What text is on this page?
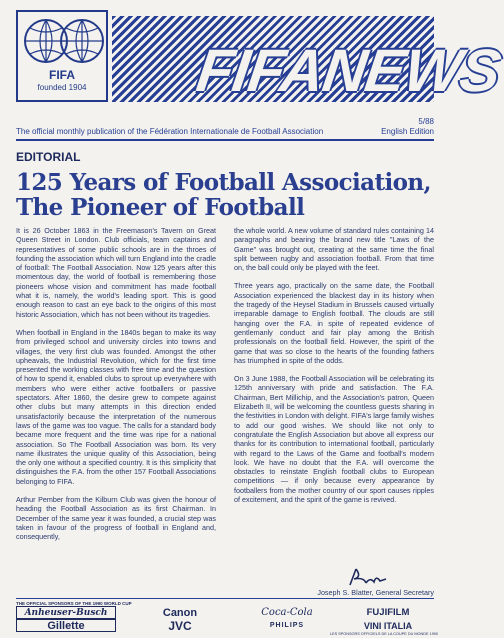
FIFA
founded 1904	FIFANEWS
5/88
The official monthly publication of the Fédération Internationale de Football Association	English Edition
EDITORIAL
125 Years of Football Association,
The Pioneer of Football

It is 26 October 1863 in the Freemason's Tavern on Great Queen Street in London. Club officials, team captains and representatives of some public schools are in the throes of founding the association which will turn England into the cradle of football: The Football Association. Now 125 years after this momentous day, the world of football is remembering those pioneers whose vision and commitment has made football what it is, namely, the world's leading sport. This is good enough reason to cast an eye back to the origins of this most historic Association, which has not been without its tragedies.

When football in England in the 1840s began to make its way from privileged school and university circles into towns and villages, the very first club was founded. Amongst the other upheavals, the Industrial Revolution, which for the first time presented the working classes with free time and the question of how to spend it, enabled clubs to sprout up everywhere with members who were either active footballers or passive spectators. After 1860, the desire grew to compete against other clubs but many attempts in this direction ended unsatisfactorily because the interpretation of the numerous laws of the game was too vague. The calls for a standard body became more frequent and the time was ripe for a national association. So The Football Association was born. Its very name illustrates the unique quality of this Association, being the only one without a specified country. It is this simplicity that distinguishes the F.A. from the other 157 Football Associations belonging to FIFA.

Arthur Pember from the Kilburn Club was given the honour of heading the Football Association as its first Chairman. In December of the same year it was founded, a crucial step was taken in favour of the progress of football in England and, consequently,

the whole world. A new volume of standard rules containing 14 paragraphs and bearing the brand new title "Laws of the Game" was brought out, creating at the same time the final split between rugby and association football. From that time on, the ball could only be played with the feet.

Three years ago, practically on the same date, the Football Association experienced the blackest day in its history when the tragedy of the Heysel Stadium in Brussels caused virtually irreparable damage to English football. The clouds are still hanging over the F.A. in spite of repeated evidence of gentlemanly conduct and fair play among the British professionals on the football field. However, the spirit of the game that was so close to the hearts of the founding fathers has triumphed in spite of the odds.

On 3 June 1988, the Football Association will be celebrating its 125th anniversary with pride and satisfaction. The F.A. Chairman, Bert Millichip, and the Association's patron, Queen Elizabeth II, will be welcoming the countless guests sharing in the festivities in London with delight. FIFA's large family wishes to add our good wishes. We should like not only to congratulate the English Association but above all express our thanks for its contribution to international football, particularly with regard to the Laws of the Game and football's modern look. We have no doubt that the F.A. will overcome the obstacles to reinstate English football clubs to European competitions — if only because every appearance by footballers from the mother country of our sport causes ripples of excitement, and the spirit of the game is revived.

Joseph S. Blatter, General Secretary
THE OFFICIAL SPONSORS OF THE 1990 WORLD CUP
Anheuser-Busch	Canon	Coca-Cola	FUJIFILM
Gillette	JVC	PHILIPS	VINI ITALIA
LES SPONSORS OFFICIELS DE LA COUPE DU MONDE 1990
